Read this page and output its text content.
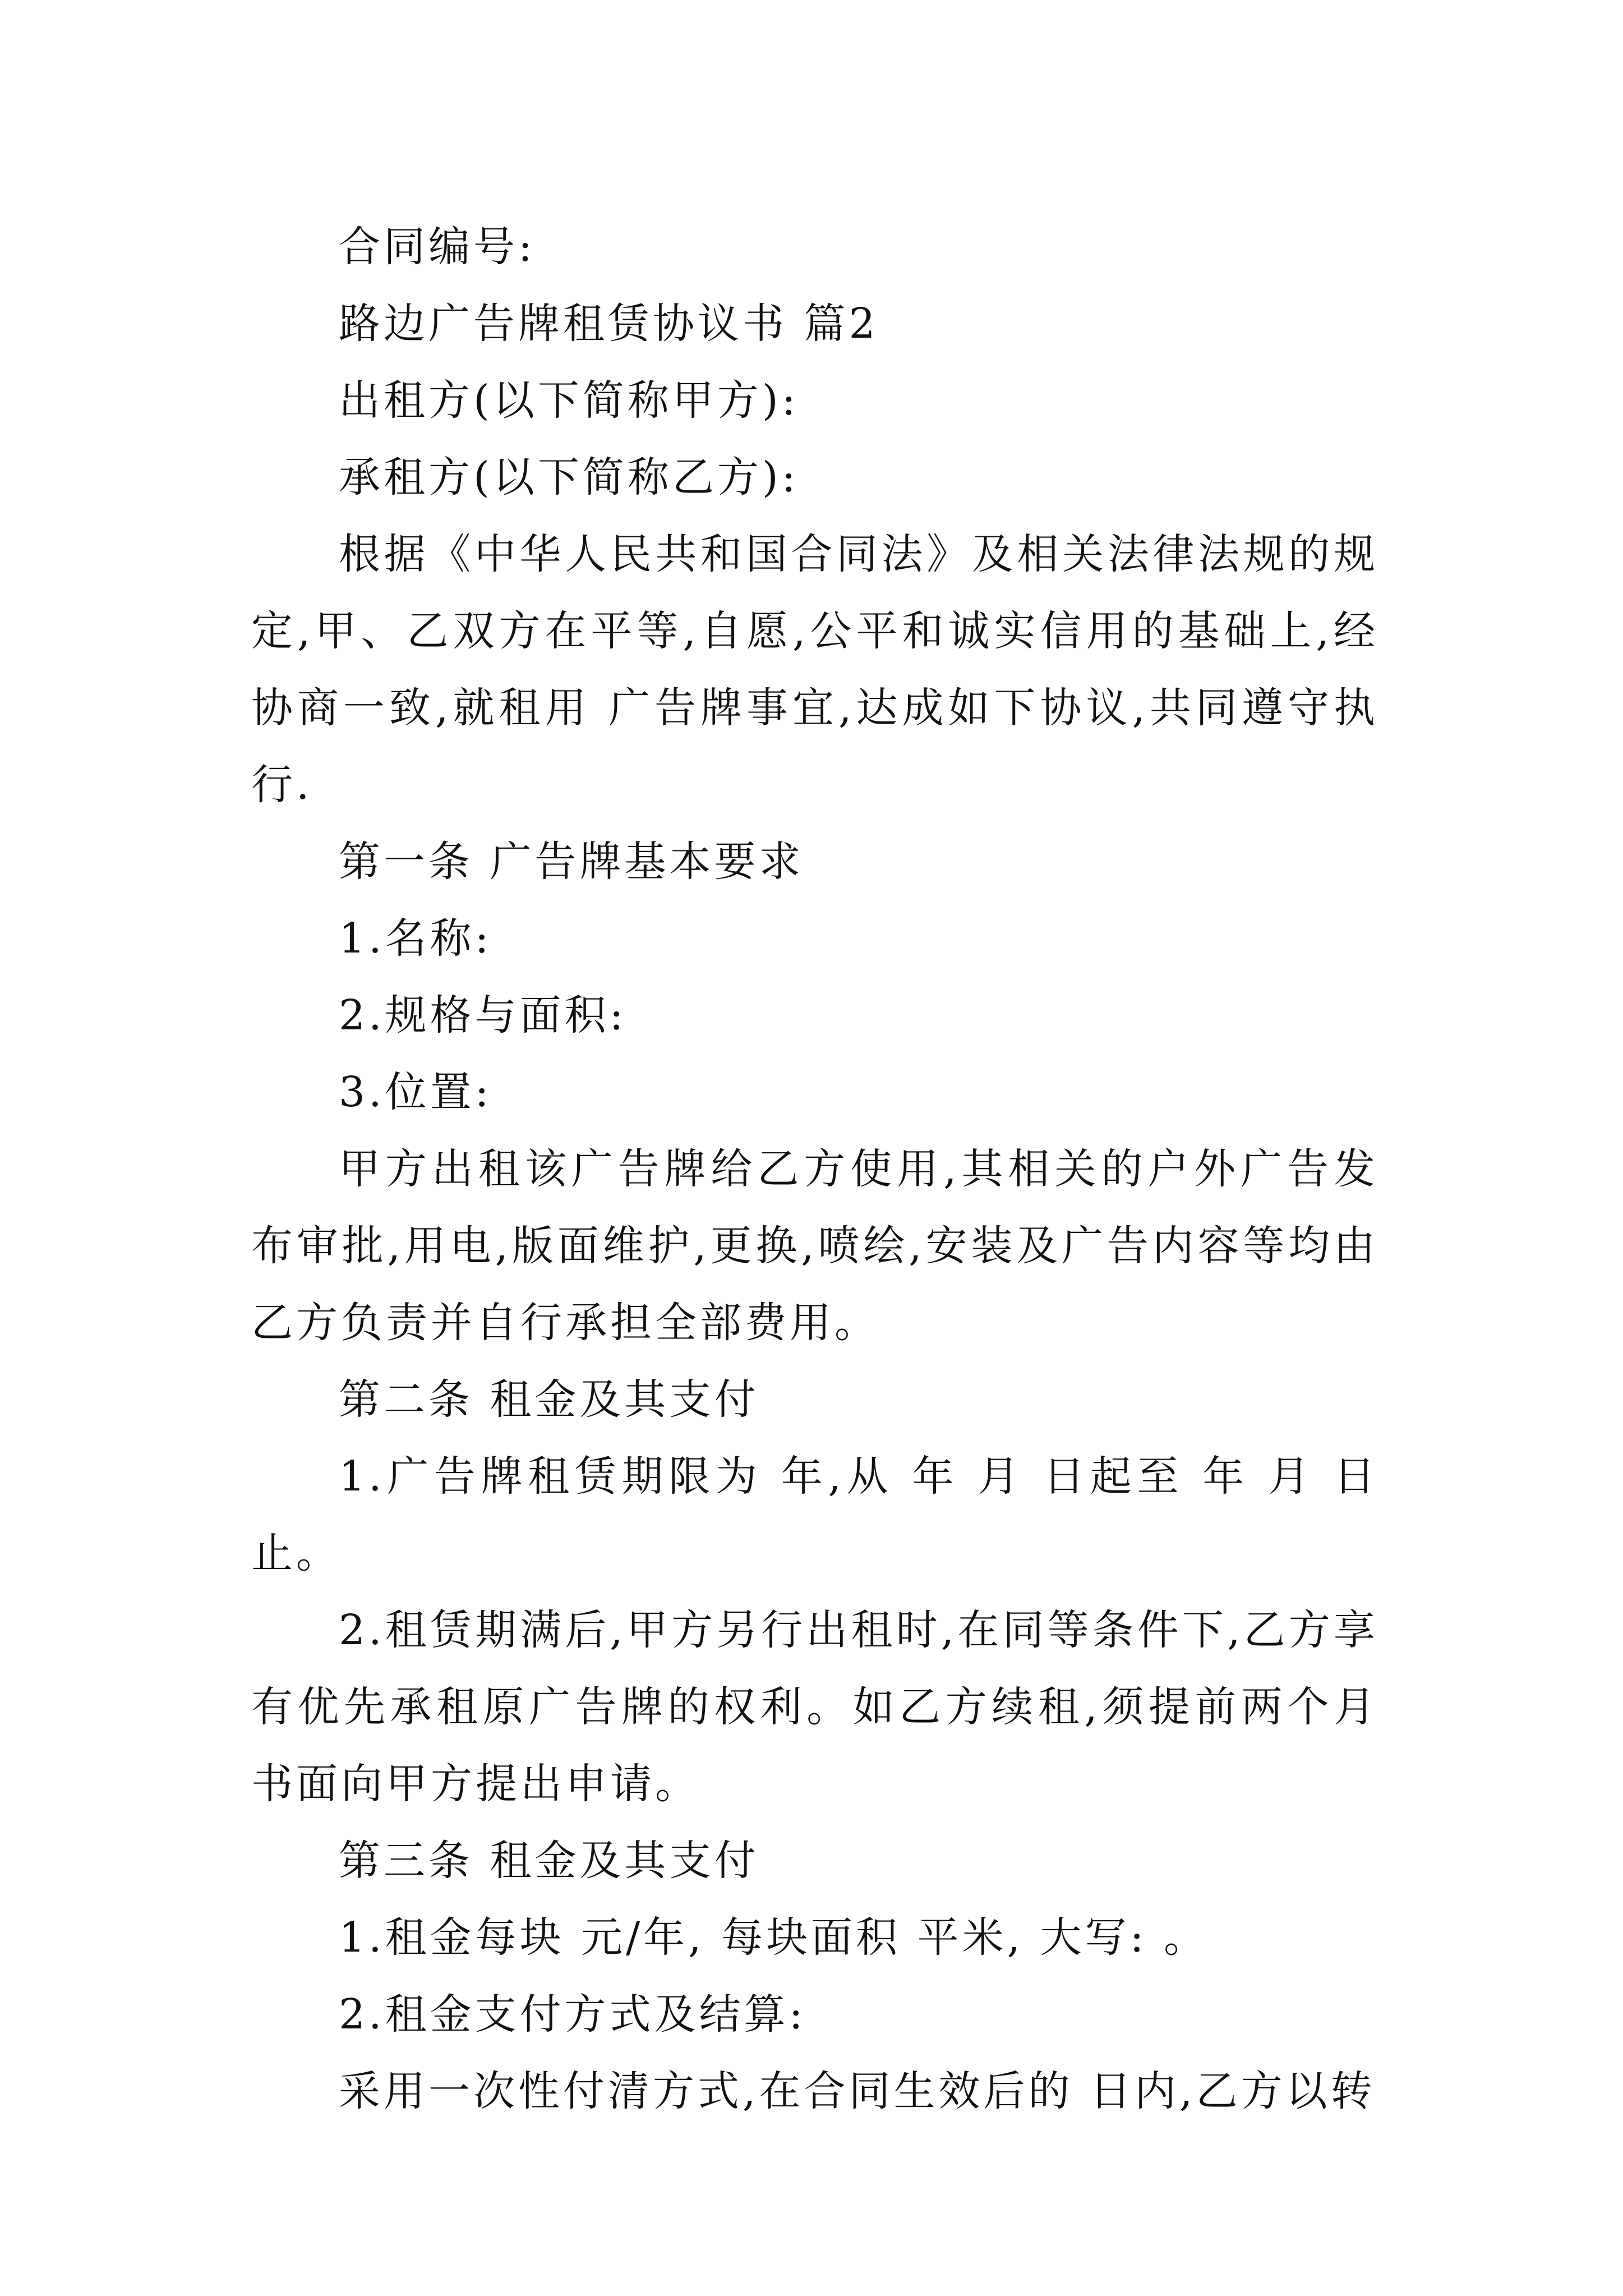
合同编号:

路边广告牌租赁协议书 篇2

出租方(以下简称甲方):

承租方(以下简称乙方):

根据《中华人民共和国合同法》及相关法律法规的规定,甲、乙双方在平等,自愿,公平和诚实信用的基础上,经协商一致,就租用 广告牌事宜,达成如下协议,共同遵守执行.

第一条 广告牌基本要求

1.名称:

2.规格与面积:

3.位置:

甲方出租该广告牌给乙方使用,其相关的户外广告发布审批,用电,版面维护,更换,喷绘,安装及广告内容等均由乙方负责并自行承担全部费用。

第二条 租金及其支付

1.广告牌租赁期限为 年,从 年 月 日起至 年 月 日止。

2.租赁期满后,甲方另行出租时,在同等条件下,乙方享有优先承租原广告牌的权利。如乙方续租,须提前两个月书面向甲方提出申请。

第三条 租金及其支付

1.租金每块 元/年, 每块面积 平米, 大写: 。

2.租金支付方式及结算:

采用一次性付清方式,在合同生效后的 日内,乙方以转
